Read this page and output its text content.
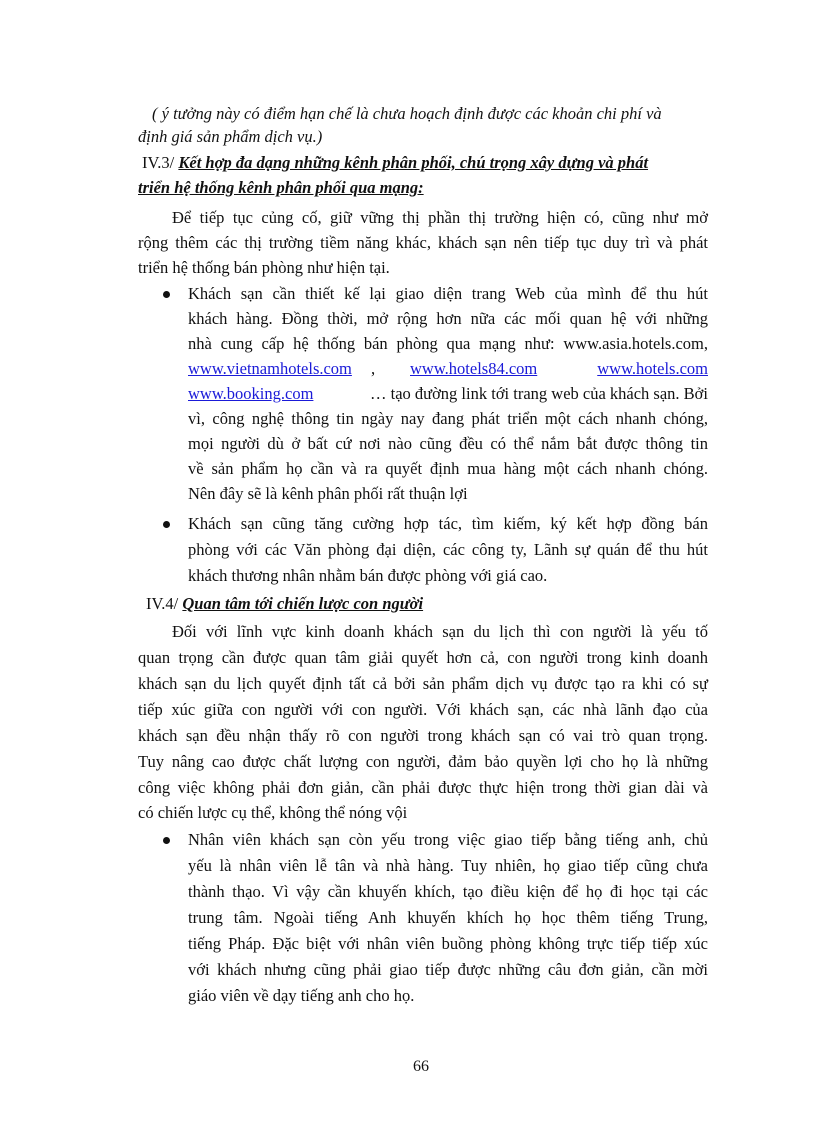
( ý tưởng này có điểm hạn chế là chưa hoạch định được các khoản chi phí và
định giá sản phẩm dịch vụ.)
IV.3/ Kết hợp đa dạng những kênh phân phối, chú trọng xây dựng và phát
triển hệ thống kênh phân phối qua mạng:
Để tiếp tục củng cố, giữ vững thị phần thị trường hiện có, cũng như mở
rộng thêm các thị trường tiềm năng khác, khách sạn nên tiếp tục duy trì và phát
triển hệ thống bán phòng như hiện tại.
Khách sạn cần thiết kế lại giao diện trang Web của mình để thu hút
khách hàng. Đồng thời, mở rộng hơn nữa các mối quan hệ với những
nhà cung cấp hệ thống bán phòng qua mạng như: www.asia.hotels.com,
www.vietnamhotels.com , www.hotels84.com	www.hotels.com
www.booking.com	… tạo đường link tới trang web của khách sạn. Bởi
vì, công nghệ thông tin ngày nay đang phát triển một cách nhanh chóng,
mọi người dù ở bất cứ nơi nào cũng đều có thể nắm bắt được thông tin
về sản phẩm họ cần và ra quyết định mua hàng một cách nhanh chóng.
Nên đây sẽ là kênh phân phối rất thuận lợi
Khách sạn cũng tăng cường hợp tác, tìm kiếm, ký kết hợp đồng bán
phòng với các Văn phòng đại diện, các công ty, Lãnh sự quán để thu hút
khách thương nhân nhằm bán được phòng với giá cao.
IV.4/ Quan tâm tới chiến lược con người
Đối với lĩnh vực kinh doanh khách sạn du lịch thì con người là yếu tố
quan trọng cần được quan tâm giải quyết hơn cả, con người trong kinh doanh
khách sạn du lịch quyết định tất cả bởi sản phẩm dịch vụ được tạo ra khi có sự
tiếp xúc giữa con người với con người. Với khách sạn, các nhà lãnh đạo của
khách sạn đều nhận thấy rõ con người trong khách sạn có vai trò quan trọng.
Tuy nâng cao được chất lượng con người, đảm bảo quyền lợi cho họ là những
công việc không phải đơn giản, cần phải được thực hiện trong thời gian dài và
có chiến lược cụ thể, không thể nóng vội
Nhân viên khách sạn còn yếu trong việc giao tiếp bằng tiếng anh, chủ
yếu là nhân viên lễ tân và nhà hàng. Tuy nhiên, họ giao tiếp cũng chưa
thành thạo. Vì vậy cần khuyến khích, tạo điều kiện để họ đi học tại các
trung tâm. Ngoài tiếng Anh khuyến khích họ học thêm tiếng Trung,
tiếng Pháp. Đặc biệt với nhân viên buồng phòng không trực tiếp tiếp xúc
với khách nhưng cũng phải giao tiếp được những câu đơn giản, cần mời
giáo viên về dạy tiếng anh cho họ.
66
